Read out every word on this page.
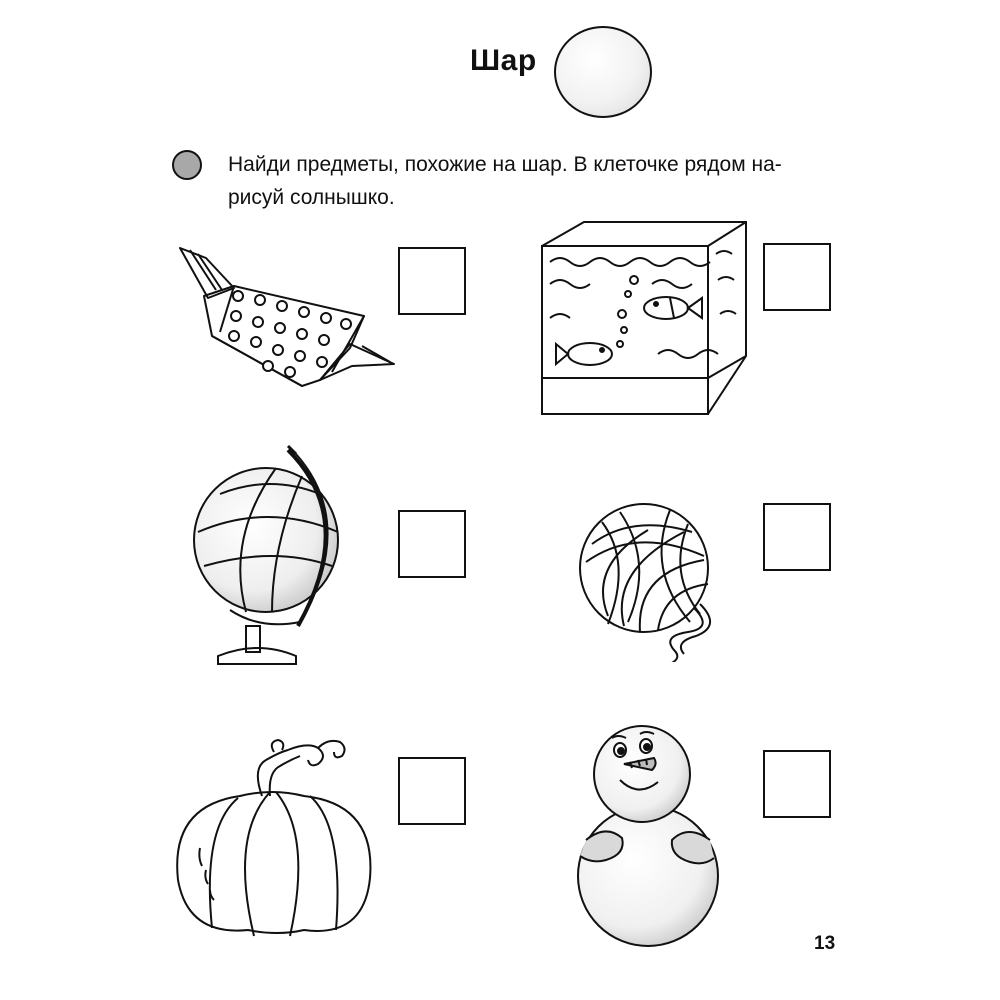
Шар
Найди предметы, похожие на шар. В клеточке рядом на-
рисуй солнышко.
13
